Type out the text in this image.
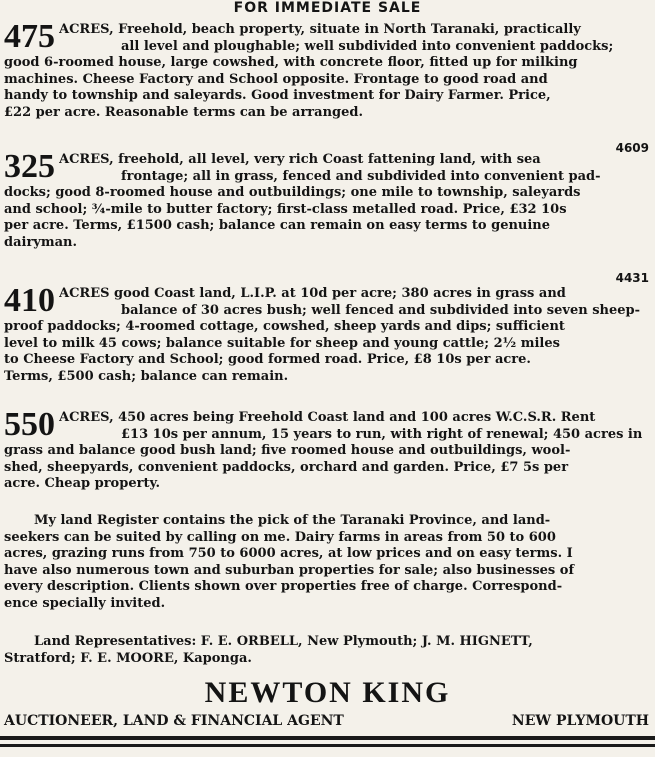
FOR IMMEDIATE SALE
475 ACRES, Freehold, beach property, situate in North Taranaki, practically
all level and ploughable; well subdivided into convenient paddocks;
good 6-roomed house, large cowshed, with concrete floor, fitted up for milking
machines. Cheese Factory and School opposite. Frontage to good road and
handy to township and saleyards. Good investment for Dairy Farmer. Price,
£22 per acre. Reasonable terms can be arranged.
4609
325 ACRES, freehold, all level, very rich Coast fattening land, with sea
frontage; all in grass, fenced and subdivided into convenient pad-
docks; good 8-roomed house and outbuildings; one mile to township, saleyards
and school; ¾-mile to butter factory; first-class metalled road. Price, £32 10s
per acre. Terms, £1500 cash; balance can remain on easy terms to genuine
dairyman.
4431
410 ACRES good Coast land, L.I.P. at 10d per acre; 380 acres in grass and
balance of 30 acres bush; well fenced and subdivided into seven sheep-
proof paddocks; 4-roomed cottage, cowshed, sheep yards and dips; sufficient
level to milk 45 cows; balance suitable for sheep and young cattle; 2½ miles
to Cheese Factory and School; good formed road. Price, £8 10s per acre.
Terms, £500 cash; balance can remain.
550 ACRES, 450 acres being Freehold Coast land and 100 acres W.C.S.R. Rent
£13 10s per annum, 15 years to run, with right of renewal; 450 acres in
grass and balance good bush land; five roomed house and outbuildings, wool-
shed, sheepyards, convenient paddocks, orchard and garden. Price, £7 5s per
acre. Cheap property.
My land Register contains the pick of the Taranaki Province, and land-
seekers can be suited by calling on me. Dairy farms in areas from 50 to 600
acres, grazing runs from 750 to 6000 acres, at low prices and on easy terms. I
have also numerous town and suburban properties for sale; also businesses of
every description. Clients shown over properties free of charge. Correspond-
ence specially invited.
Land Representatives: F. E. ORBELL, New Plymouth; J. M. HIGNETT,
Stratford; F. E. MOORE, Kaponga.
NEWTON KING
AUCTIONEER, LAND & FINANCIAL AGENT	NEW PLYMOUTH
